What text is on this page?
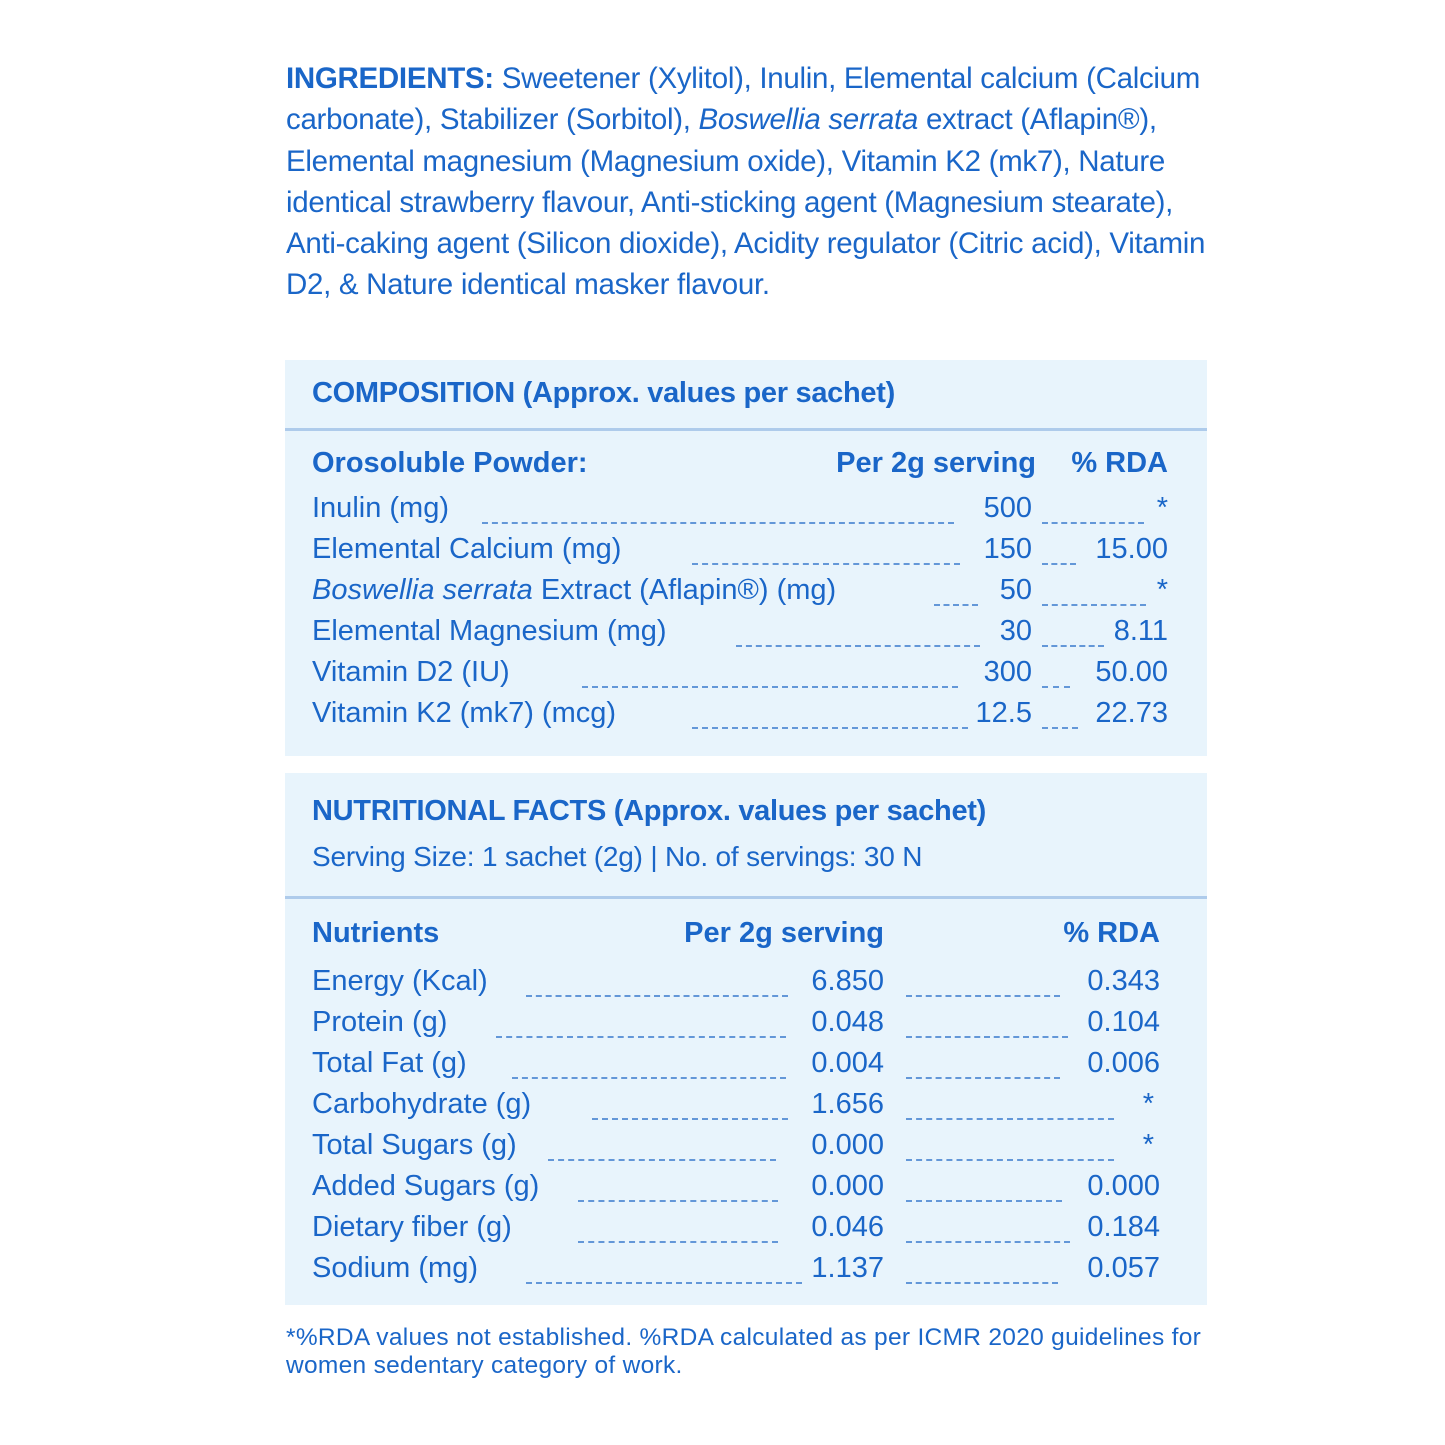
INGREDIENTS: Sweetener (Xylitol), Inulin, Elemental calcium (Calcium carbonate), Stabilizer (Sorbitol), Boswellia serrata extract (Aflapin®), Elemental magnesium (Magnesium oxide), Vitamin K2 (mk7), Nature identical strawberry flavour, Anti-sticking agent (Magnesium stearate), Anti-caking agent (Silicon dioxide), Acidity regulator (Citric acid), Vitamin D2, & Nature identical masker flavour.
COMPOSITION (Approx. values per sachet)
Orosoluble Powder:	Per 2g serving % RDA
Inulin (mg)	500	*
Elemental Calcium (mg)	150 15.00
Boswellia serrata Extract (Aflapin®) (mg)	50	*
Elemental Magnesium (mg)	30	8.11
Vitamin D2 (IU)	300 50.00
Vitamin K2 (mk7) (mcg)	12.5 22.73
NUTRITIONAL FACTS (Approx. values per sachet)
Serving Size: 1 sachet (2g) | No. of servings: 30 N
Nutrients	Per 2g serving	% RDA
Energy (Kcal)	6.850	0.343
Protein (g)	0.048	0.104
Total Fat (g)	0.004	0.006
Carbohydrate (g)	1.656	*
Total Sugars (g)	0.000	*
Added Sugars (g)	0.000	0.000
Dietary fiber (g)	0.046	0.184
Sodium (mg)	1.137	0.057
*%RDA values not established. %RDA calculated as per ICMR 2020 guidelines for women sedentary category of work.
